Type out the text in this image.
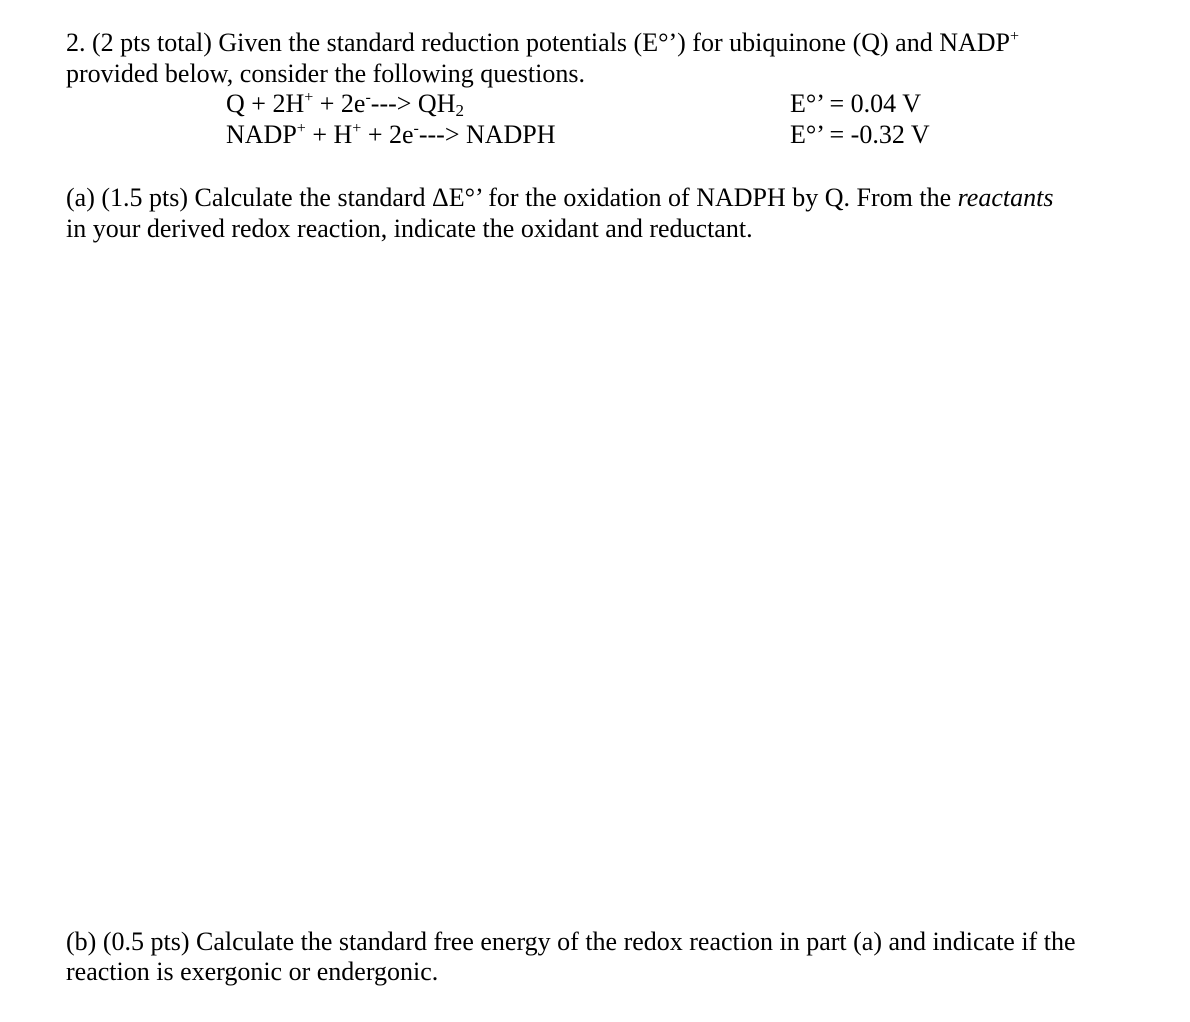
2. (2 pts total) Given the standard reduction potentials (E°’) for ubiquinone (Q) and NADP+
provided below, consider the following questions.
Q + 2H+ + 2e----> QH2	E°’ = 0.04 V
NADP+ + H+ + 2e----> NADPH	E°’ = -0.32 V
(a) (1.5 pts) Calculate the standard ΔE°’ for the oxidation of NADPH by Q. From the reactants
in your derived redox reaction, indicate the oxidant and reductant.
(b) (0.5 pts) Calculate the standard free energy of the redox reaction in part (a) and indicate if the
reaction is exergonic or endergonic.
